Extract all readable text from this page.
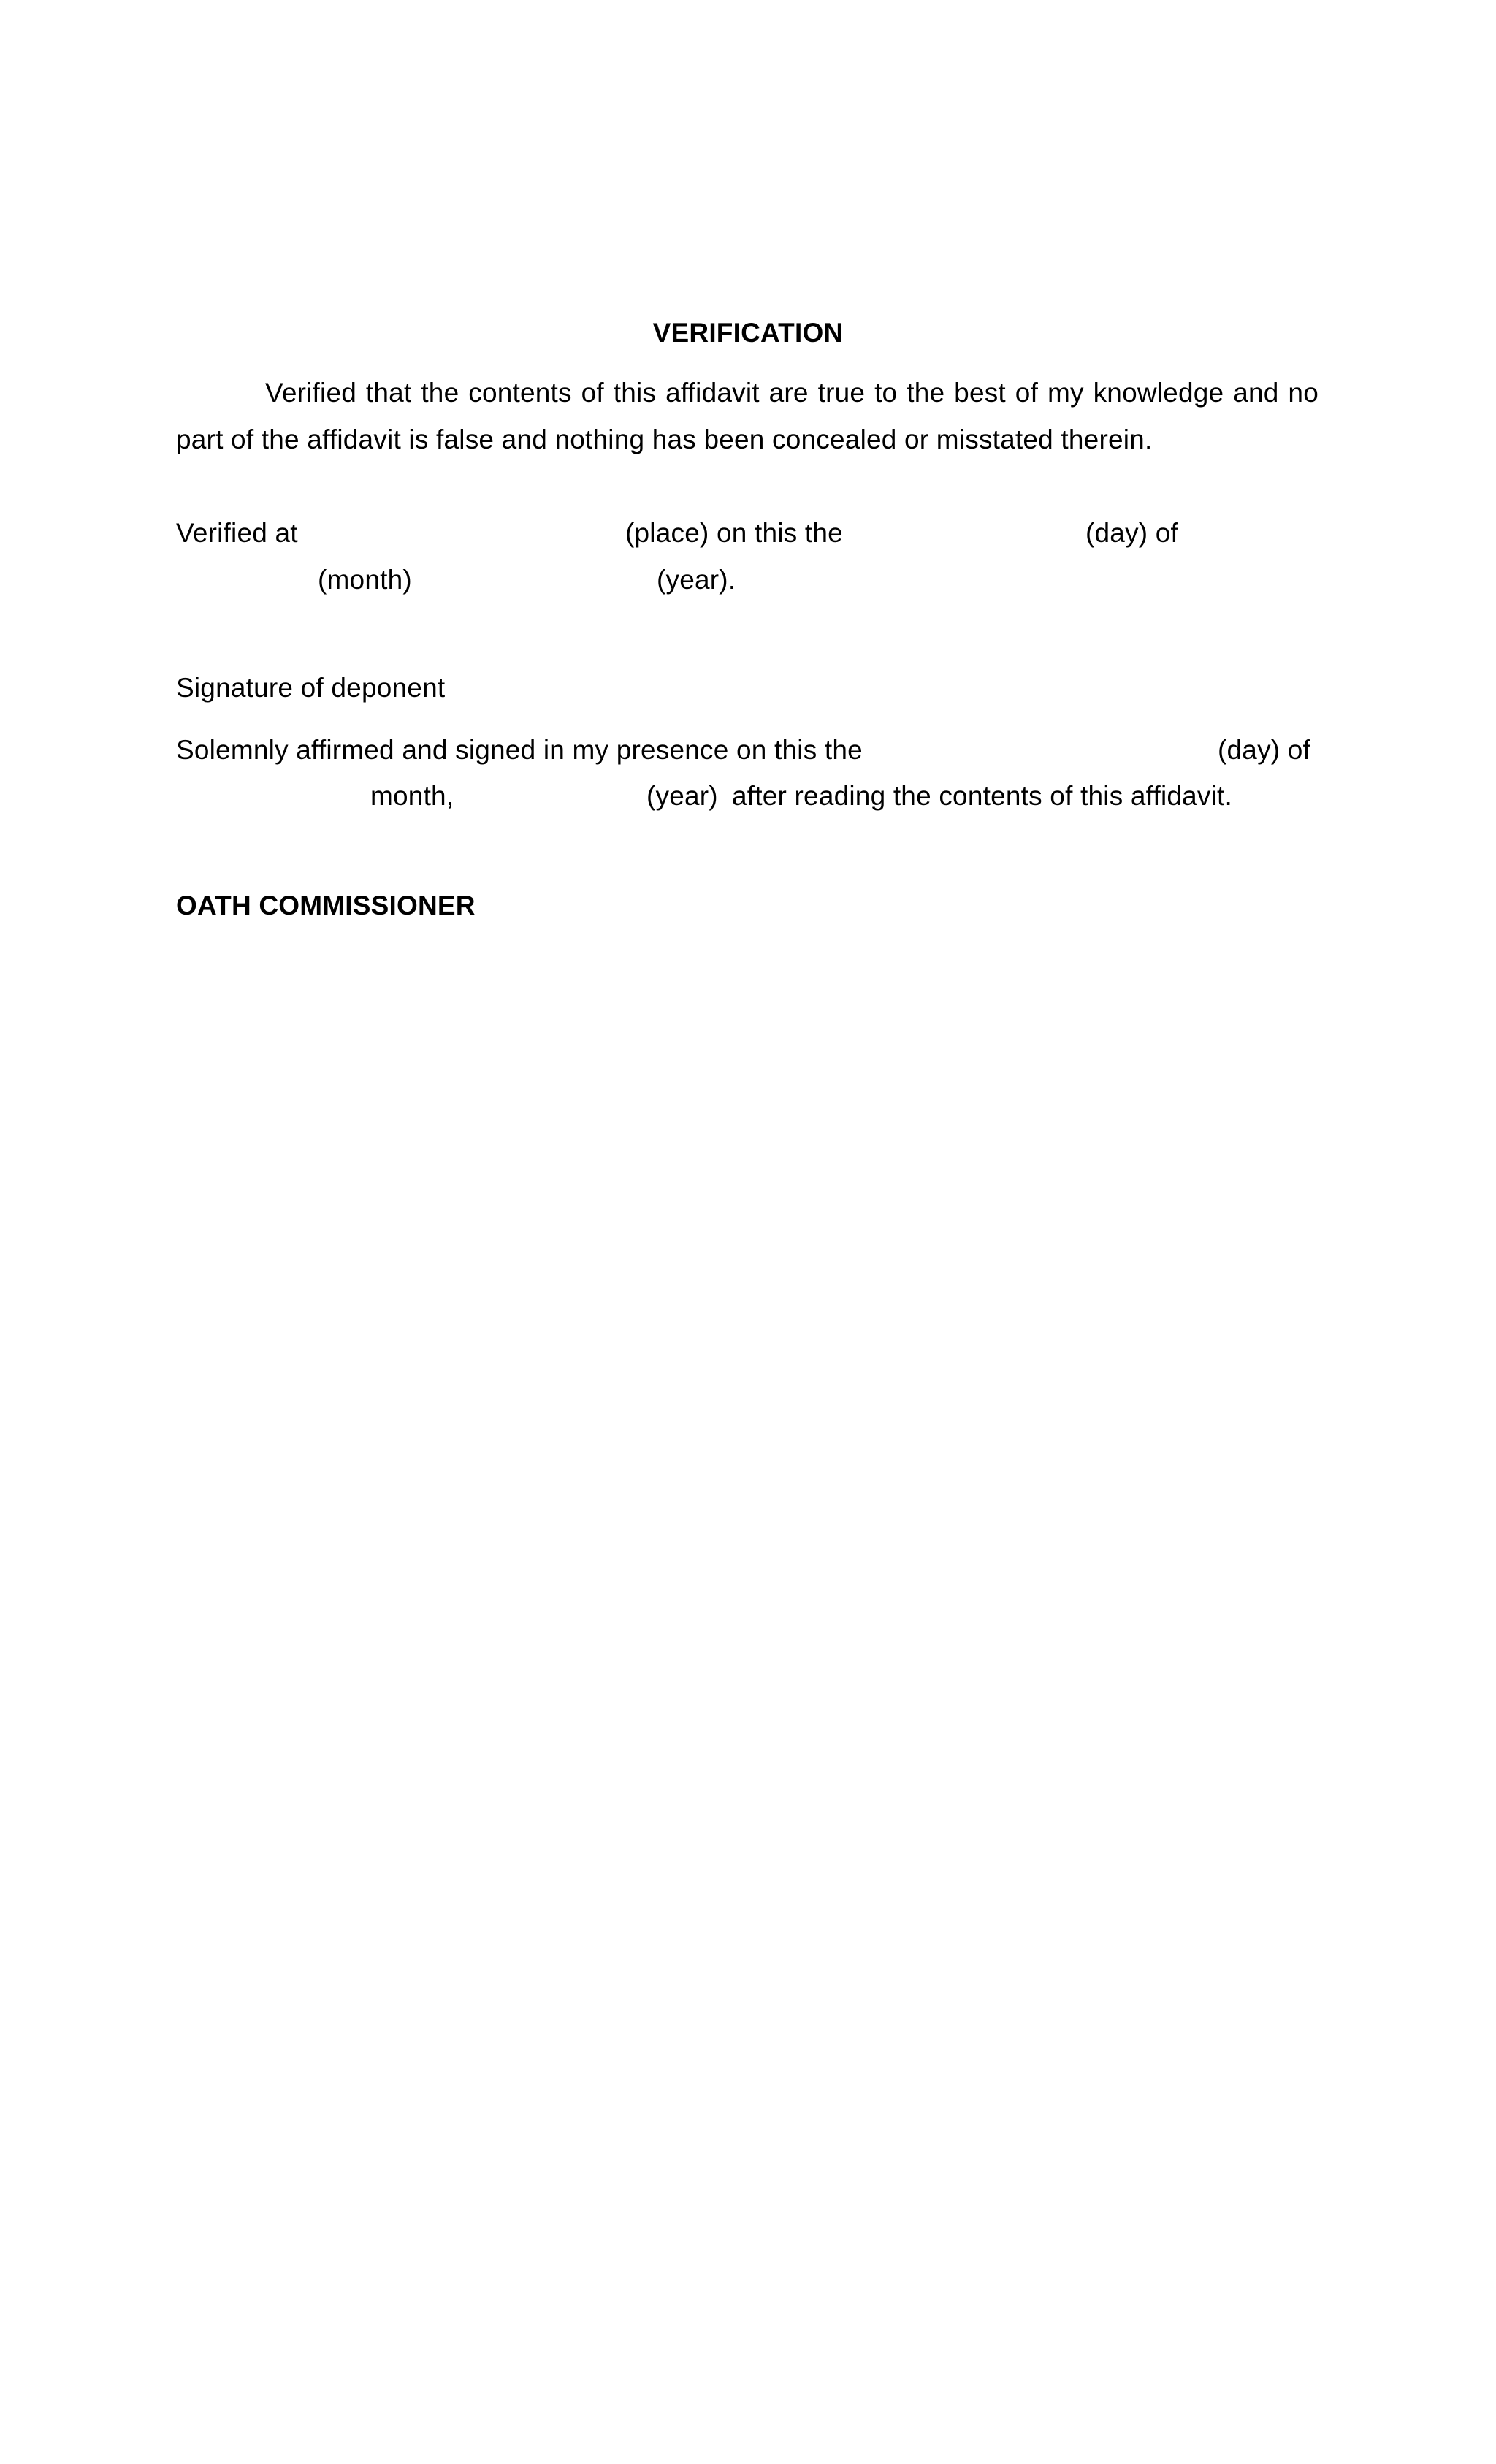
VERIFICATION
Verified that the contents of this affidavit are true to the best of my knowledge and no
part of the affidavit is false and nothing has been concealed or misstated therein.
Verified at	(place) on this the	(day) of
(month)	(year).
Signature of deponent
Solemnly affirmed and signed in my presence on this the	(day) of
month,	(year) after reading the contents of this affidavit.
OATH COMMISSIONER
